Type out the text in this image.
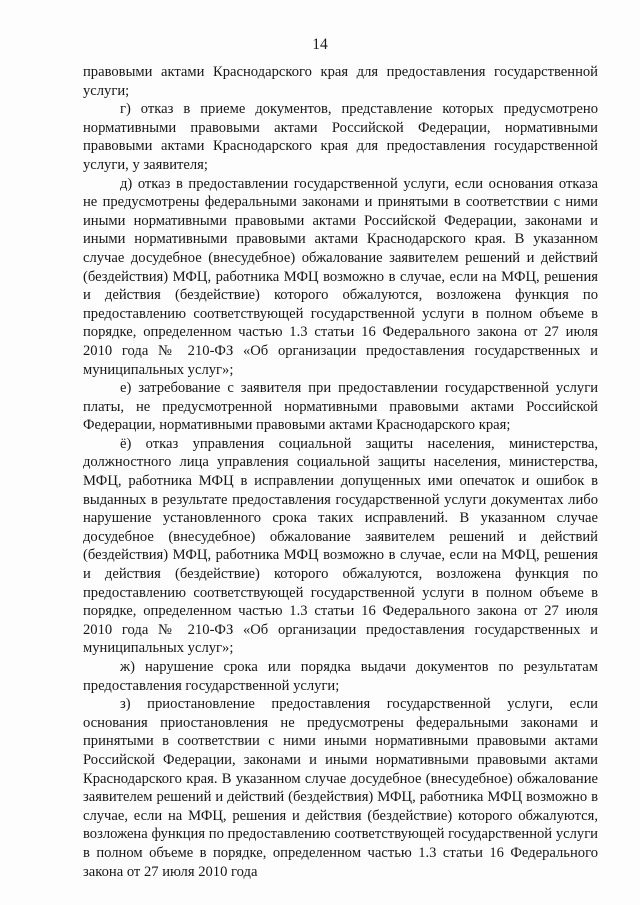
14

правовыми актами Краснодарского края для предоставления государственной услуги;

г) отказ в приеме документов, представление которых предусмотрено нормативными правовыми актами Российской Федерации, нормативными правовыми актами Краснодарского края для предоставления государственной услуги, у заявителя;

д) отказ в предоставлении государственной услуги, если основания отказа не предусмотрены федеральными законами и принятыми в соответствии с ними иными нормативными правовыми актами Российской Федерации, законами и иными нормативными правовыми актами Краснодарского края. В указанном случае досудебное (внесудебное) обжалование заявителем решений и действий (бездействия) МФЦ, работника МФЦ возможно в случае, если на МФЦ, решения и действия (бездействие) которого обжалуются, возложена функция по предоставлению соответствующей государственной услуги в полном объеме в порядке, определенном частью 1.3 статьи 16 Федерального закона от 27 июля 2010 года № 210-ФЗ «Об организации предоставления государственных и муниципальных услуг»;

е) затребование с заявителя при предоставлении государственной услуги платы, не предусмотренной нормативными правовыми актами Российской Федерации, нормативными правовыми актами Краснодарского края;

ё) отказ управления социальной защиты населения, министерства, должностного лица управления социальной защиты населения, министерства, МФЦ, работника МФЦ в исправлении допущенных ими опечаток и ошибок в выданных в результате предоставления государственной услуги документах либо нарушение установленного срока таких исправлений. В указанном случае досудебное (внесудебное) обжалование заявителем решений и действий (бездействия) МФЦ, работника МФЦ возможно в случае, если на МФЦ, решения и действия (бездействие) которого обжалуются, возложена функция по предоставлению соответствующей государственной услуги в полном объеме в порядке, определенном частью 1.3 статьи 16 Федерального закона от 27 июля 2010 года № 210-ФЗ «Об организации предоставления государственных и муниципальных услуг»;

ж) нарушение срока или порядка выдачи документов по результатам предоставления государственной услуги;

з) приостановление предоставления государственной услуги, если основания приостановления не предусмотрены федеральными законами и принятыми в соответствии с ними иными нормативными правовыми актами Российской Федерации, законами и иными нормативными правовыми актами Краснодарского края. В указанном случае досудебное (внесудебное) обжалование заявителем решений и действий (бездействия) МФЦ, работника МФЦ возможно в случае, если на МФЦ, решения и действия (бездействие) которого обжалуются, возложена функция по предоставлению соответствующей государственной услуги в полном объеме в порядке, определенном частью 1.3 статьи 16 Федерального закона от 27 июля 2010 года
